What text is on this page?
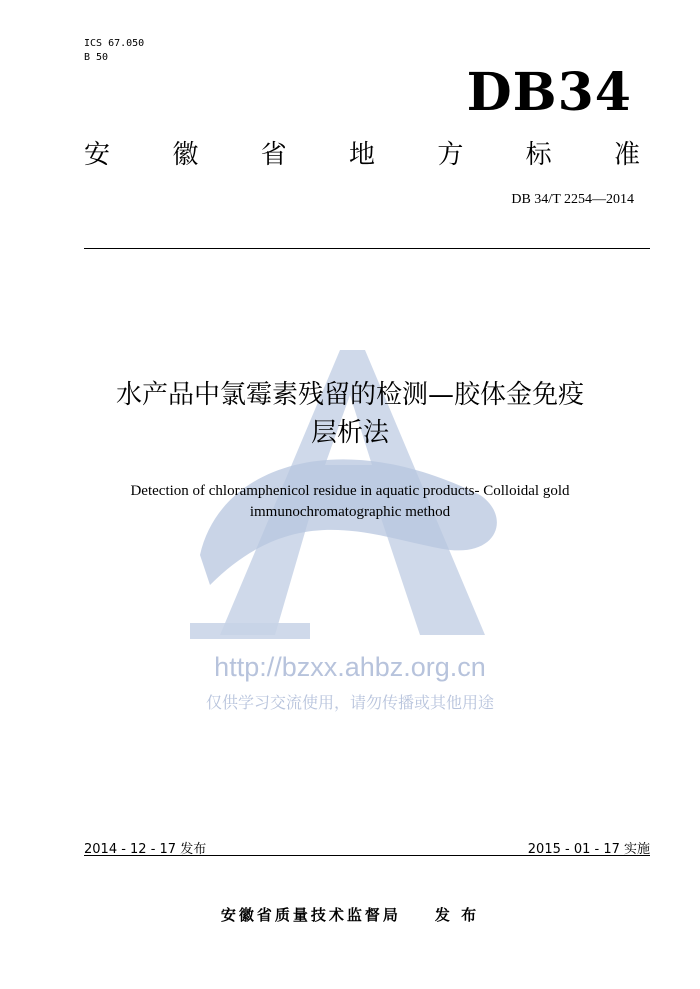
ICS 67.050
B 50
DB34
安 徽 省 地 方 标 准
DB 34/T 2254—2014
水产品中氯霉素残留的检测—胶体金免疫
层析法
Detection of chloramphenicol residue in aquatic products- Colloidal gold
immunochromatographic method
http://bzxx.ahbz.org.cn
仅供学习交流使用，请勿传播或其他用途
2014 - 12 - 17 发布	2015 - 01 - 17 实施
安徽省质量技术监督局 发 布
